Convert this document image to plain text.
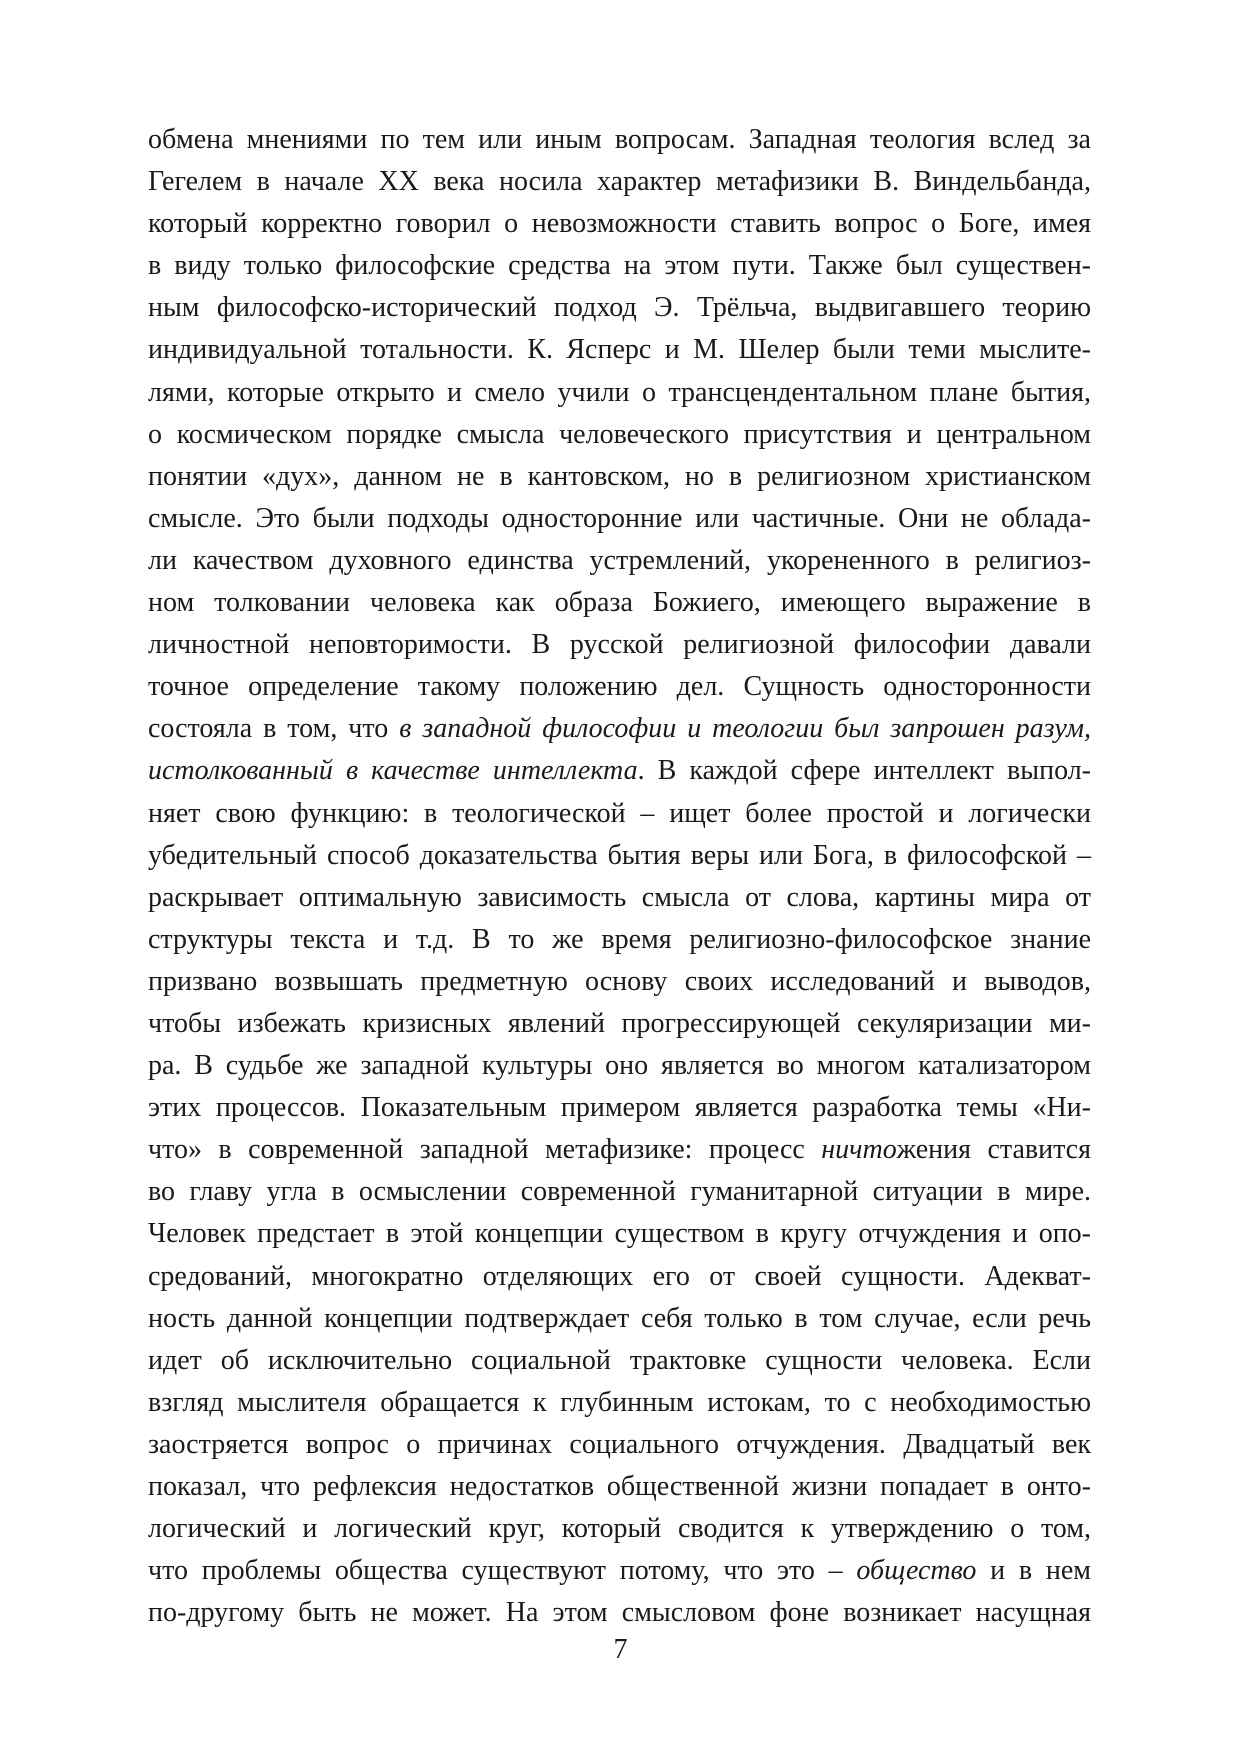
обмена мнениями по тем или иным вопросам. Западная теология вслед за
Гегелем в начале XX века носила характер метафизики В. Виндельбанда,
который корректно говорил о невозможности ставить вопрос о Боге, имея
в виду только философские средства на этом пути. Также был существен-
ным философско-исторический подход Э. Трёльча, выдвигавшего теорию
индивидуальной тотальности. К. Ясперс и М. Шелер были теми мыслите-
лями, которые открыто и смело учили о трансцендентальном плане бытия,
о космическом порядке смысла человеческого присутствия и центральном
понятии «дух», данном не в кантовском, но в религиозном христианском
смысле. Это были подходы односторонние или частичные. Они не облада-
ли качеством духовного единства устремлений, укорененного в религиоз-
ном толковании человека как образа Божиего, имеющего выражение в
личностной неповторимости. В русской религиозной философии давали
точное определение такому положению дел. Сущность односторонности
состояла в том, что в западной философии и теологии был запрошен разум,
истолкованный в качестве интеллекта. В каждой сфере интеллект выпол-
няет свою функцию: в теологической – ищет более простой и логически
убедительный способ доказательства бытия веры или Бога, в философской –
раскрывает оптимальную зависимость смысла от слова, картины мира от
структуры текста и т.д. В то же время религиозно-философское знание
призвано возвышать предметную основу своих исследований и выводов,
чтобы избежать кризисных явлений прогрессирующей секуляризации ми-
ра. В судьбе же западной культуры оно является во многом катализатором
этих процессов. Показательным примером является разработка темы «Ни-
что» в современной западной метафизике: процесс ничтожения ставится
во главу угла в осмыслении современной гуманитарной ситуации в мире.
Человек предстает в этой концепции существом в кругу отчуждения и опо-
средований, многократно отделяющих его от своей сущности. Адекват-
ность данной концепции подтверждает себя только в том случае, если речь
идет об исключительно социальной трактовке сущности человека. Если
взгляд мыслителя обращается к глубинным истокам, то с необходимостью
заостряется вопрос о причинах социального отчуждения. Двадцатый век
показал, что рефлексия недостатков общественной жизни попадает в онто-
логический и логический круг, который сводится к утверждению о том,
что проблемы общества существуют потому, что это – общество и в нем
по-другому быть не может. На этом смысловом фоне возникает насущная
7
